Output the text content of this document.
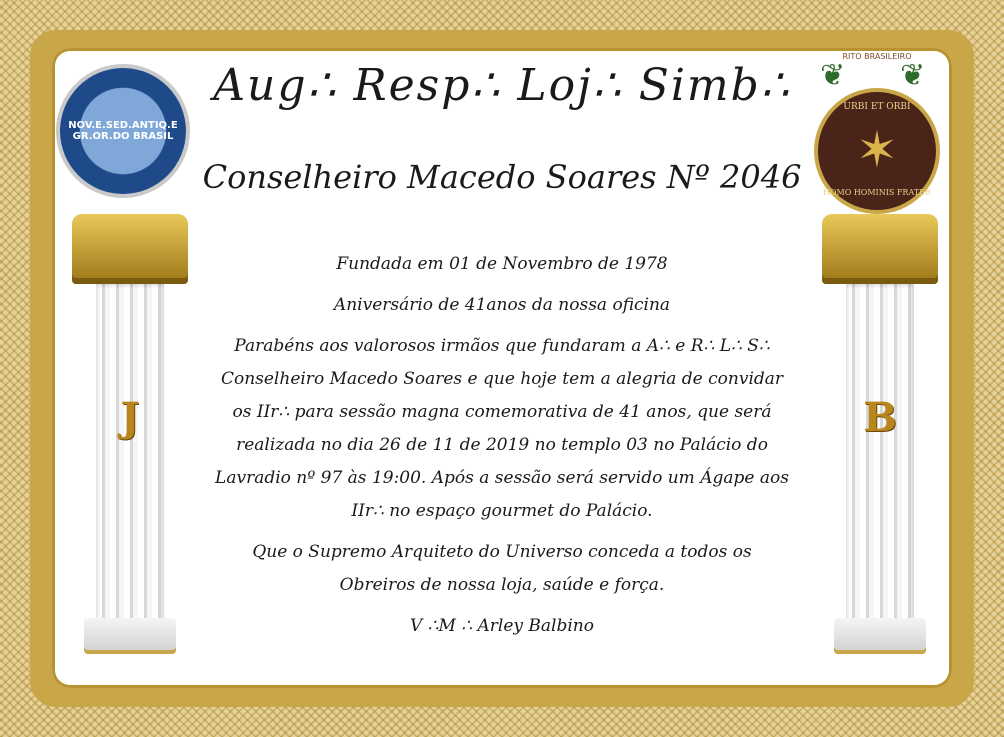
NOV.E.SED.ANTIQ.E GR.OR.DO BRASIL
❦ ❦
RITO BRASILEIRO
URBI ET ORBI
✶
HOMO HOMINIS FRATER
Aug∴ Resp∴ Loj∴ Simb∴
Conselheiro Macedo Soares Nº 2046
J	B

Fundada em 01 de Novembro de 1978

Aniversário de 41anos da nossa oficina

Parabéns aos valorosos irmãos que fundaram a A∴ e R∴ L∴ S∴ Conselheiro Macedo Soares e que hoje tem a alegria de convidar os IIr∴ para sessão magna comemorativa de 41 anos, que será realizada no dia 26 de 11 de 2019 no templo 03 no Palácio do Lavradio nº 97 às 19:00. Após a sessão será servido um Ágape aos IIr∴ no espaço gourmet do Palácio.

Que o Supremo Arquiteto do Universo conceda a todos os Obreiros de nossa loja, saúde e força.

V ∴M ∴ Arley Balbino
